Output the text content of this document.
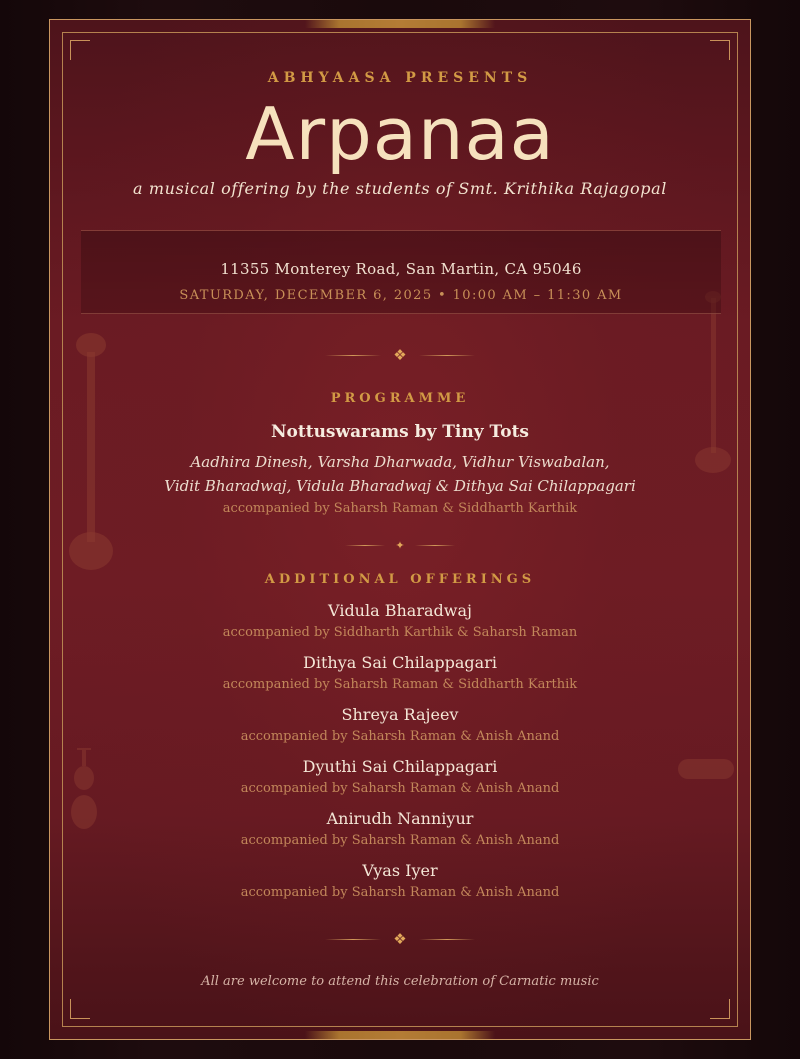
ABHYAASA PRESENTS
Arpanaa
a musical offering by the students of Smt. Krithika Rajagopal
11355 Monterey Road, San Martin, CA 95046
SATURDAY, DECEMBER 6, 2025 • 10:00 AM – 11:30 AM
❖
PROGRAMME
Nottuswarams by Tiny Tots
Aadhira Dinesh, Varsha Dharwada, Vidhur Viswabalan,
Vidit Bharadwaj, Vidula Bharadwaj & Dithya Sai Chilappagari
accompanied by Saharsh Raman & Siddharth Karthik
✦
ADDITIONAL OFFERINGS
Vidula Bharadwaj
accompanied by Siddharth Karthik & Saharsh Raman
Dithya Sai Chilappagari
accompanied by Saharsh Raman & Siddharth Karthik
Shreya Rajeev
accompanied by Saharsh Raman & Anish Anand
Dyuthi Sai Chilappagari
accompanied by Saharsh Raman & Anish Anand
Anirudh Nanniyur
accompanied by Saharsh Raman & Anish Anand
Vyas Iyer
accompanied by Saharsh Raman & Anish Anand
❖
All are welcome to attend this celebration of Carnatic music
